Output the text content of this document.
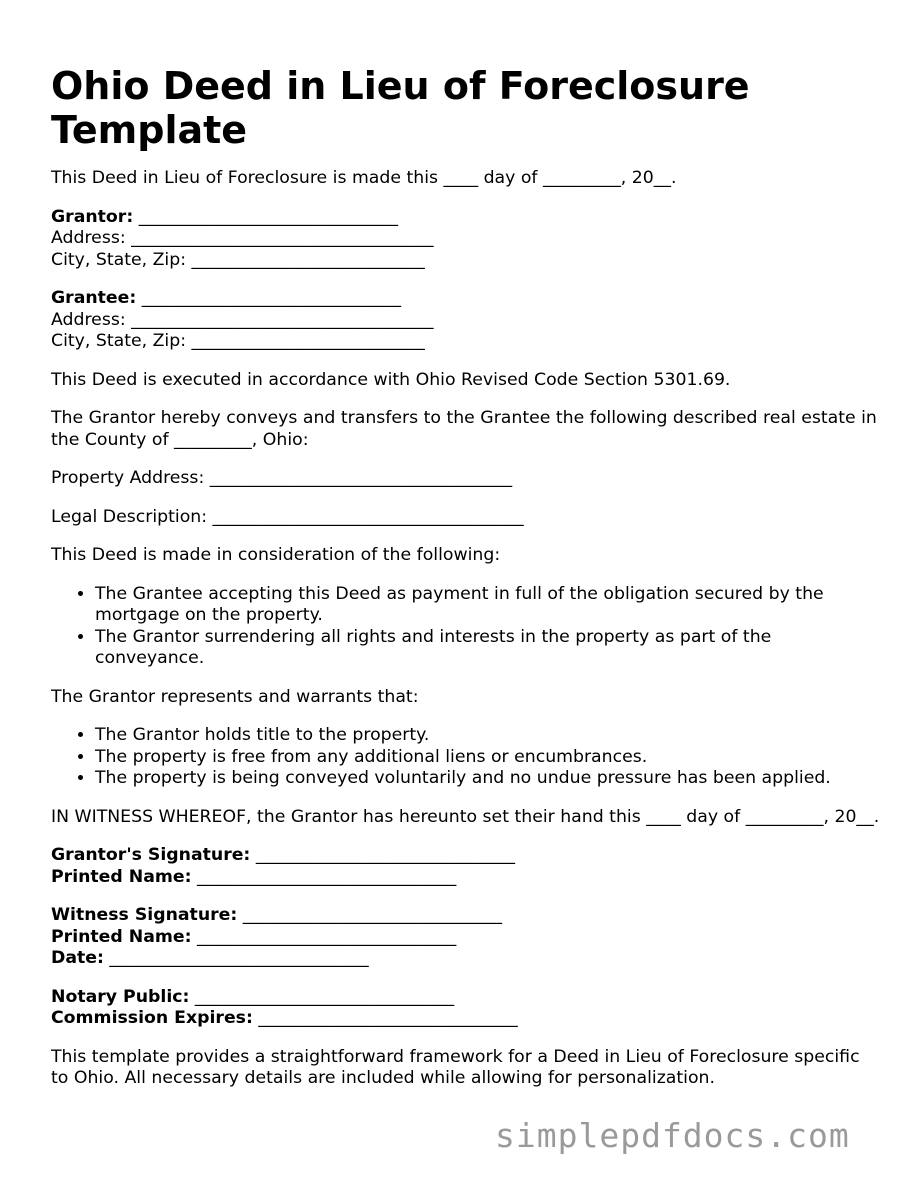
Ohio Deed in Lieu of Foreclosure Template

This Deed in Lieu of Foreclosure is made this ____ day of _________, 20__.

Grantor: ______________________________
Address: ___________________________________
City, State, Zip: ___________________________

Grantee: ______________________________
Address: ___________________________________
City, State, Zip: ___________________________

This Deed is executed in accordance with Ohio Revised Code Section 5301.69.

The Grantor hereby conveys and transfers to the Grantee the following described real estate in the County of _________, Ohio:

Property Address: ___________________________________

Legal Description: ____________________________________

This Deed is made in consideration of the following:

• The Grantee accepting this Deed as payment in full of the obligation secured by the mortgage on the property.
• The Grantor surrendering all rights and interests in the property as part of the conveyance.

The Grantor represents and warrants that:

• The Grantor holds title to the property.
• The property is free from any additional liens or encumbrances.
• The property is being conveyed voluntarily and no undue pressure has been applied.

IN WITNESS WHEREOF, the Grantor has hereunto set their hand this ____ day of _________, 20__.

Grantor's Signature: ______________________________
Printed Name: ______________________________

Witness Signature: ______________________________
Printed Name: ______________________________
Date: ______________________________

Notary Public: ______________________________
Commission Expires: ______________________________

This template provides a straightforward framework for a Deed in Lieu of Foreclosure specific to Ohio. All necessary details are included while allowing for personalization.

simplepdfdocs.com
